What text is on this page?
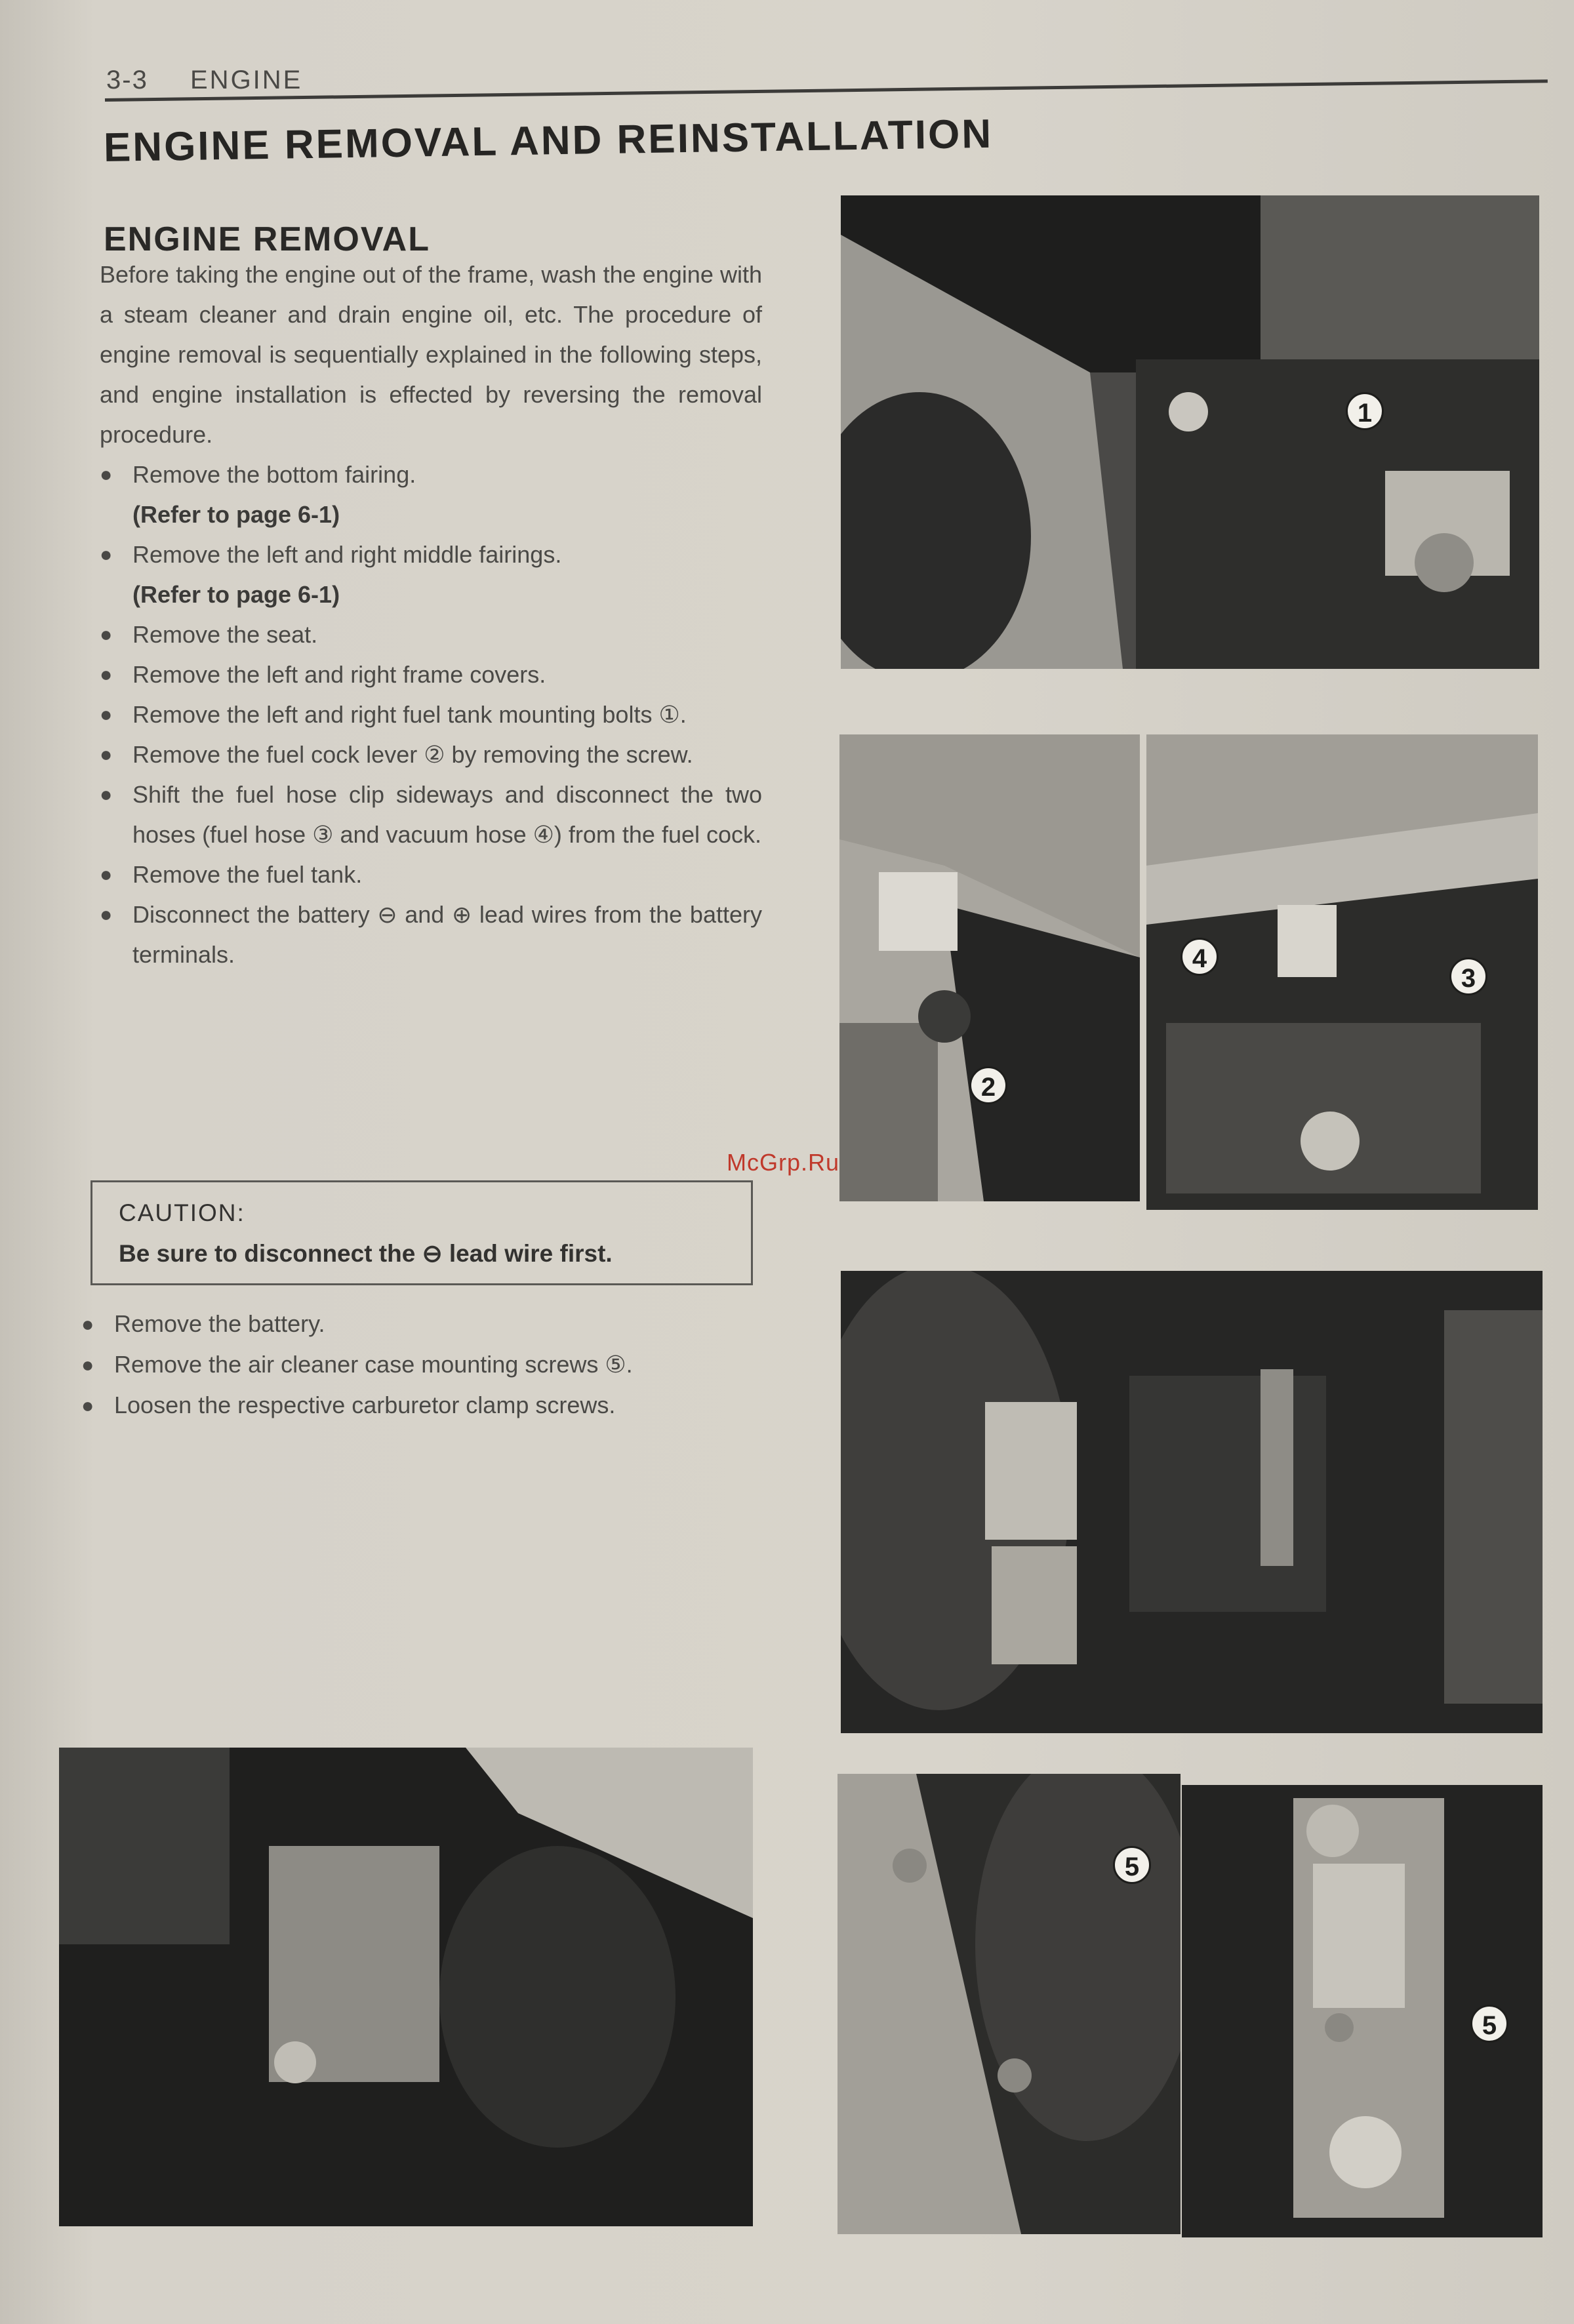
3-3 ENGINE
ENGINE REMOVAL AND REINSTALLATION
ENGINE REMOVAL

Before taking the engine out of the frame, wash the engine with a steam cleaner and drain engine oil, etc. The procedure of engine removal is sequentially explained in the following steps, and engine installation is effected by reversing the removal procedure.

● Remove the bottom fairing.
(Refer to page 6-1)
● Remove the left and right middle fairings.
(Refer to page 6-1)
● Remove the seat.
● Remove the left and right frame covers.
● Remove the left and right fuel tank mounting bolts ①.
● Remove the fuel cock lever ② by removing the screw.
● Shift the fuel hose clip sideways and disconnect the two hoses (fuel hose ③ and vacuum hose ④) from the fuel cock.
● Remove the fuel tank.
● Disconnect the battery ⊖ and ⊕ lead wires from the battery terminals.
CAUTION:
Be sure to disconnect the ⊖ lead wire first.
● Remove the battery.
● Remove the air cleaner case mounting screws ⑤.
● Loosen the respective carburetor clamp screws.
1
2
4
3
5
5
McGrp.Ru
